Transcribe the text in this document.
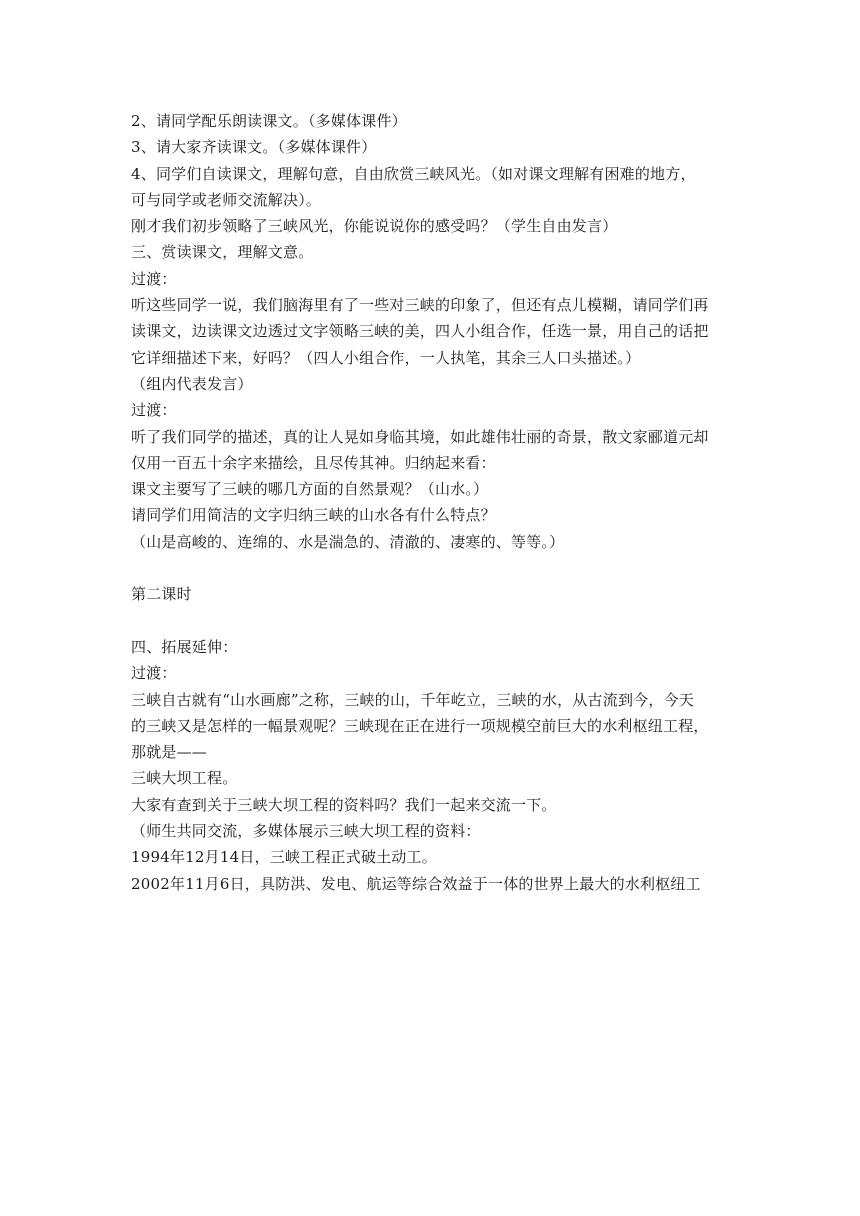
2、请同学配乐朗读课文。（多媒体课件）
3、请大家齐读课文。（多媒体课件）
4、同学们自读课文，理解句意，自由欣赏三峡风光。（如对课文理解有困难的地方，
可与同学或老师交流解决）。
刚才我们初步领略了三峡风光，你能说说你的感受吗？（学生自由发言）
三、赏读课文，理解文意。
过渡：
听这些同学一说，我们脑海里有了一些对三峡的印象了，但还有点儿模糊，请同学们再
读课文，边读课文边透过文字领略三峡的美，四人小组合作，任选一景，用自己的话把
它详细描述下来，好吗？（四人小组合作，一人执笔，其余三人口头描述。）
（组内代表发言）
过渡：
听了我们同学的描述，真的让人晃如身临其境，如此雄伟壮丽的奇景，散文家郦道元却
仅用一百五十余字来描绘，且尽传其神。归纳起来看：
课文主要写了三峡的哪几方面的自然景观？（山水。）
请同学们用简洁的文字归纳三峡的山水各有什么特点？
（山是高峻的、连绵的、水是湍急的、清澈的、凄寒的、等等。）
第二课时
四、拓展延伸：
过渡：
三峡自古就有“山水画廊”之称，三峡的山，千年屹立，三峡的水，从古流到今，今天
的三峡又是怎样的一幅景观呢？三峡现在正在进行一项规模空前巨大的水利枢纽工程，
那就是——
三峡大坝工程。
大家有查到关于三峡大坝工程的资料吗？我们一起来交流一下。
（师生共同交流，多媒体展示三峡大坝工程的资料：
1994年12月14日，三峡工程正式破土动工。
2002年11月6日，具防洪、发电、航运等综合效益于一体的世界上最大的水利枢纽工
